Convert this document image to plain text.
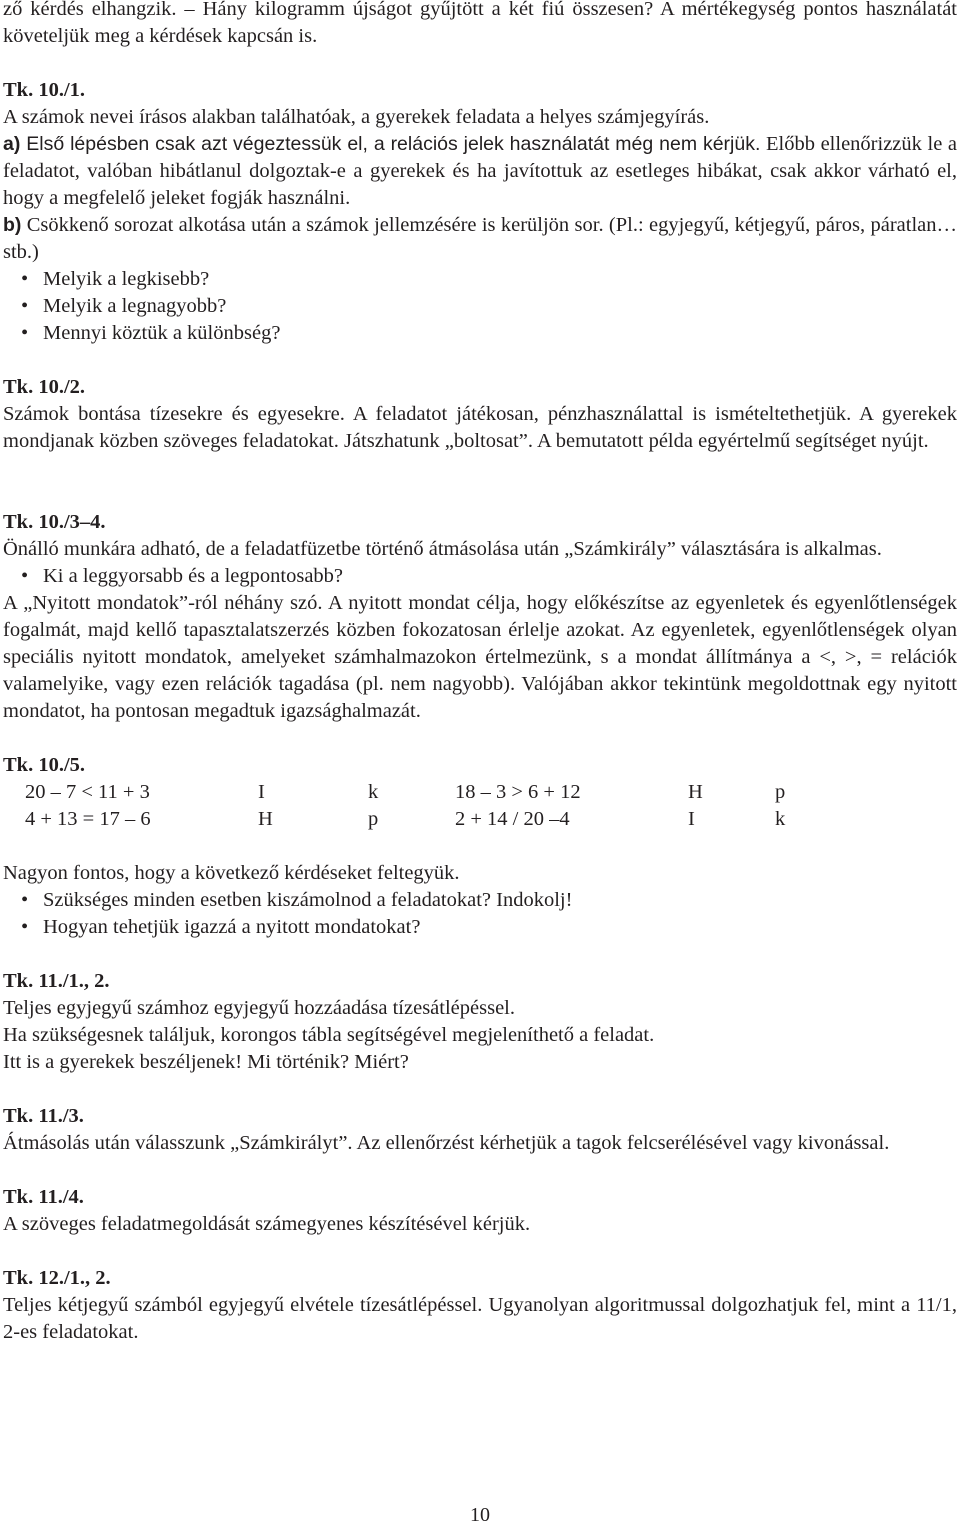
ző kérdés elhangzik. – Hány kilogramm újságot gyűjtött a két fiú összesen? A mértékegység pontos használatát követeljük meg a kérdések kapcsán is.

Tk. 10./1.

A számok nevei írásos alakban találhatóak, a gyerekek feladata a helyes számjegyírás.

a) Első lépésben csak azt végeztessük el, a relációs jelek használatát még nem kérjük. Előbb ellenőrizzük le a feladatot, valóban hibátlanul dolgoztak-e a gyerekek és ha javítottuk az esetleges hibákat, csak akkor várható el, hogy a megfelelő jeleket fogják használni.

b) Csökkenő sorozat alkotása után a számok jellemzésére is kerüljön sor. (Pl.: egyjegyű, kétjegyű, páros, páratlan… stb.)

• Melyik a legkisebb?
• Melyik a legnagyobb?
• Mennyi köztük a különbség?

Tk. 10./2.

Számok bontása tízesekre és egyesekre. A feladatot játékosan, pénzhasználattal is ismételtethetjük. A gyerekek mondjanak közben szöveges feladatokat. Játszhatunk „boltosat”. A bemutatott példa egyértelmű segítséget nyújt.

Tk. 10./3–4.

Önálló munkára adható, de a feladatfüzetbe történő átmásolása után „Számkirály” választására is alkalmas.

• Ki a leggyorsabb és a legpontosabb?

A „Nyitott mondatok”-ról néhány szó. A nyitott mondat célja, hogy előkészítse az egyenletek és egyenlőtlenségek fogalmát, majd kellő tapasztalatszerzés közben fokozatosan érlelje azokat. Az egyenletek, egyenlőtlenségek olyan speciális nyitott mondatok, amelyeket számhalmazokon értelmezünk, s a mondat állítmánya a <, >, = relációk valamelyike, vagy ezen relációk tagadása (pl. nem nagyobb). Valójában akkor tekintünk megoldottnak egy nyitott mondatot, ha pontosan megadtuk igazsághalmazát.

Tk. 10./5.

20 – 7 < 11 + 3	I	k	18 – 3 > 6 + 12	H	p
4 + 13 = 17 – 6	H	p	2 + 14 / 20 –4	I	k

Nagyon fontos, hogy a következő kérdéseket feltegyük.

• Szükséges minden esetben kiszámolnod a feladatokat? Indokolj!
• Hogyan tehetjük igazzá a nyitott mondatokat?

Tk. 11./1., 2.

Teljes egyjegyű számhoz egyjegyű hozzáadása tízesátlépéssel.

Ha szükségesnek találjuk, korongos tábla segítségével megjeleníthető a feladat.

Itt is a gyerekek beszéljenek! Mi történik? Miért?

Tk. 11./3.

Átmásolás után válasszunk „Számkirályt”. Az ellenőrzést kérhetjük a tagok felcserélésével vagy kivonással.

Tk. 11./4.

A szöveges feladatmegoldását számegyenes készítésével kérjük.

Tk. 12./1., 2.

Teljes kétjegyű számból egyjegyű elvétele tízesátlépéssel. Ugyanolyan algoritmussal dolgozhatjuk fel, mint a 11/1, 2-es feladatokat.

10
